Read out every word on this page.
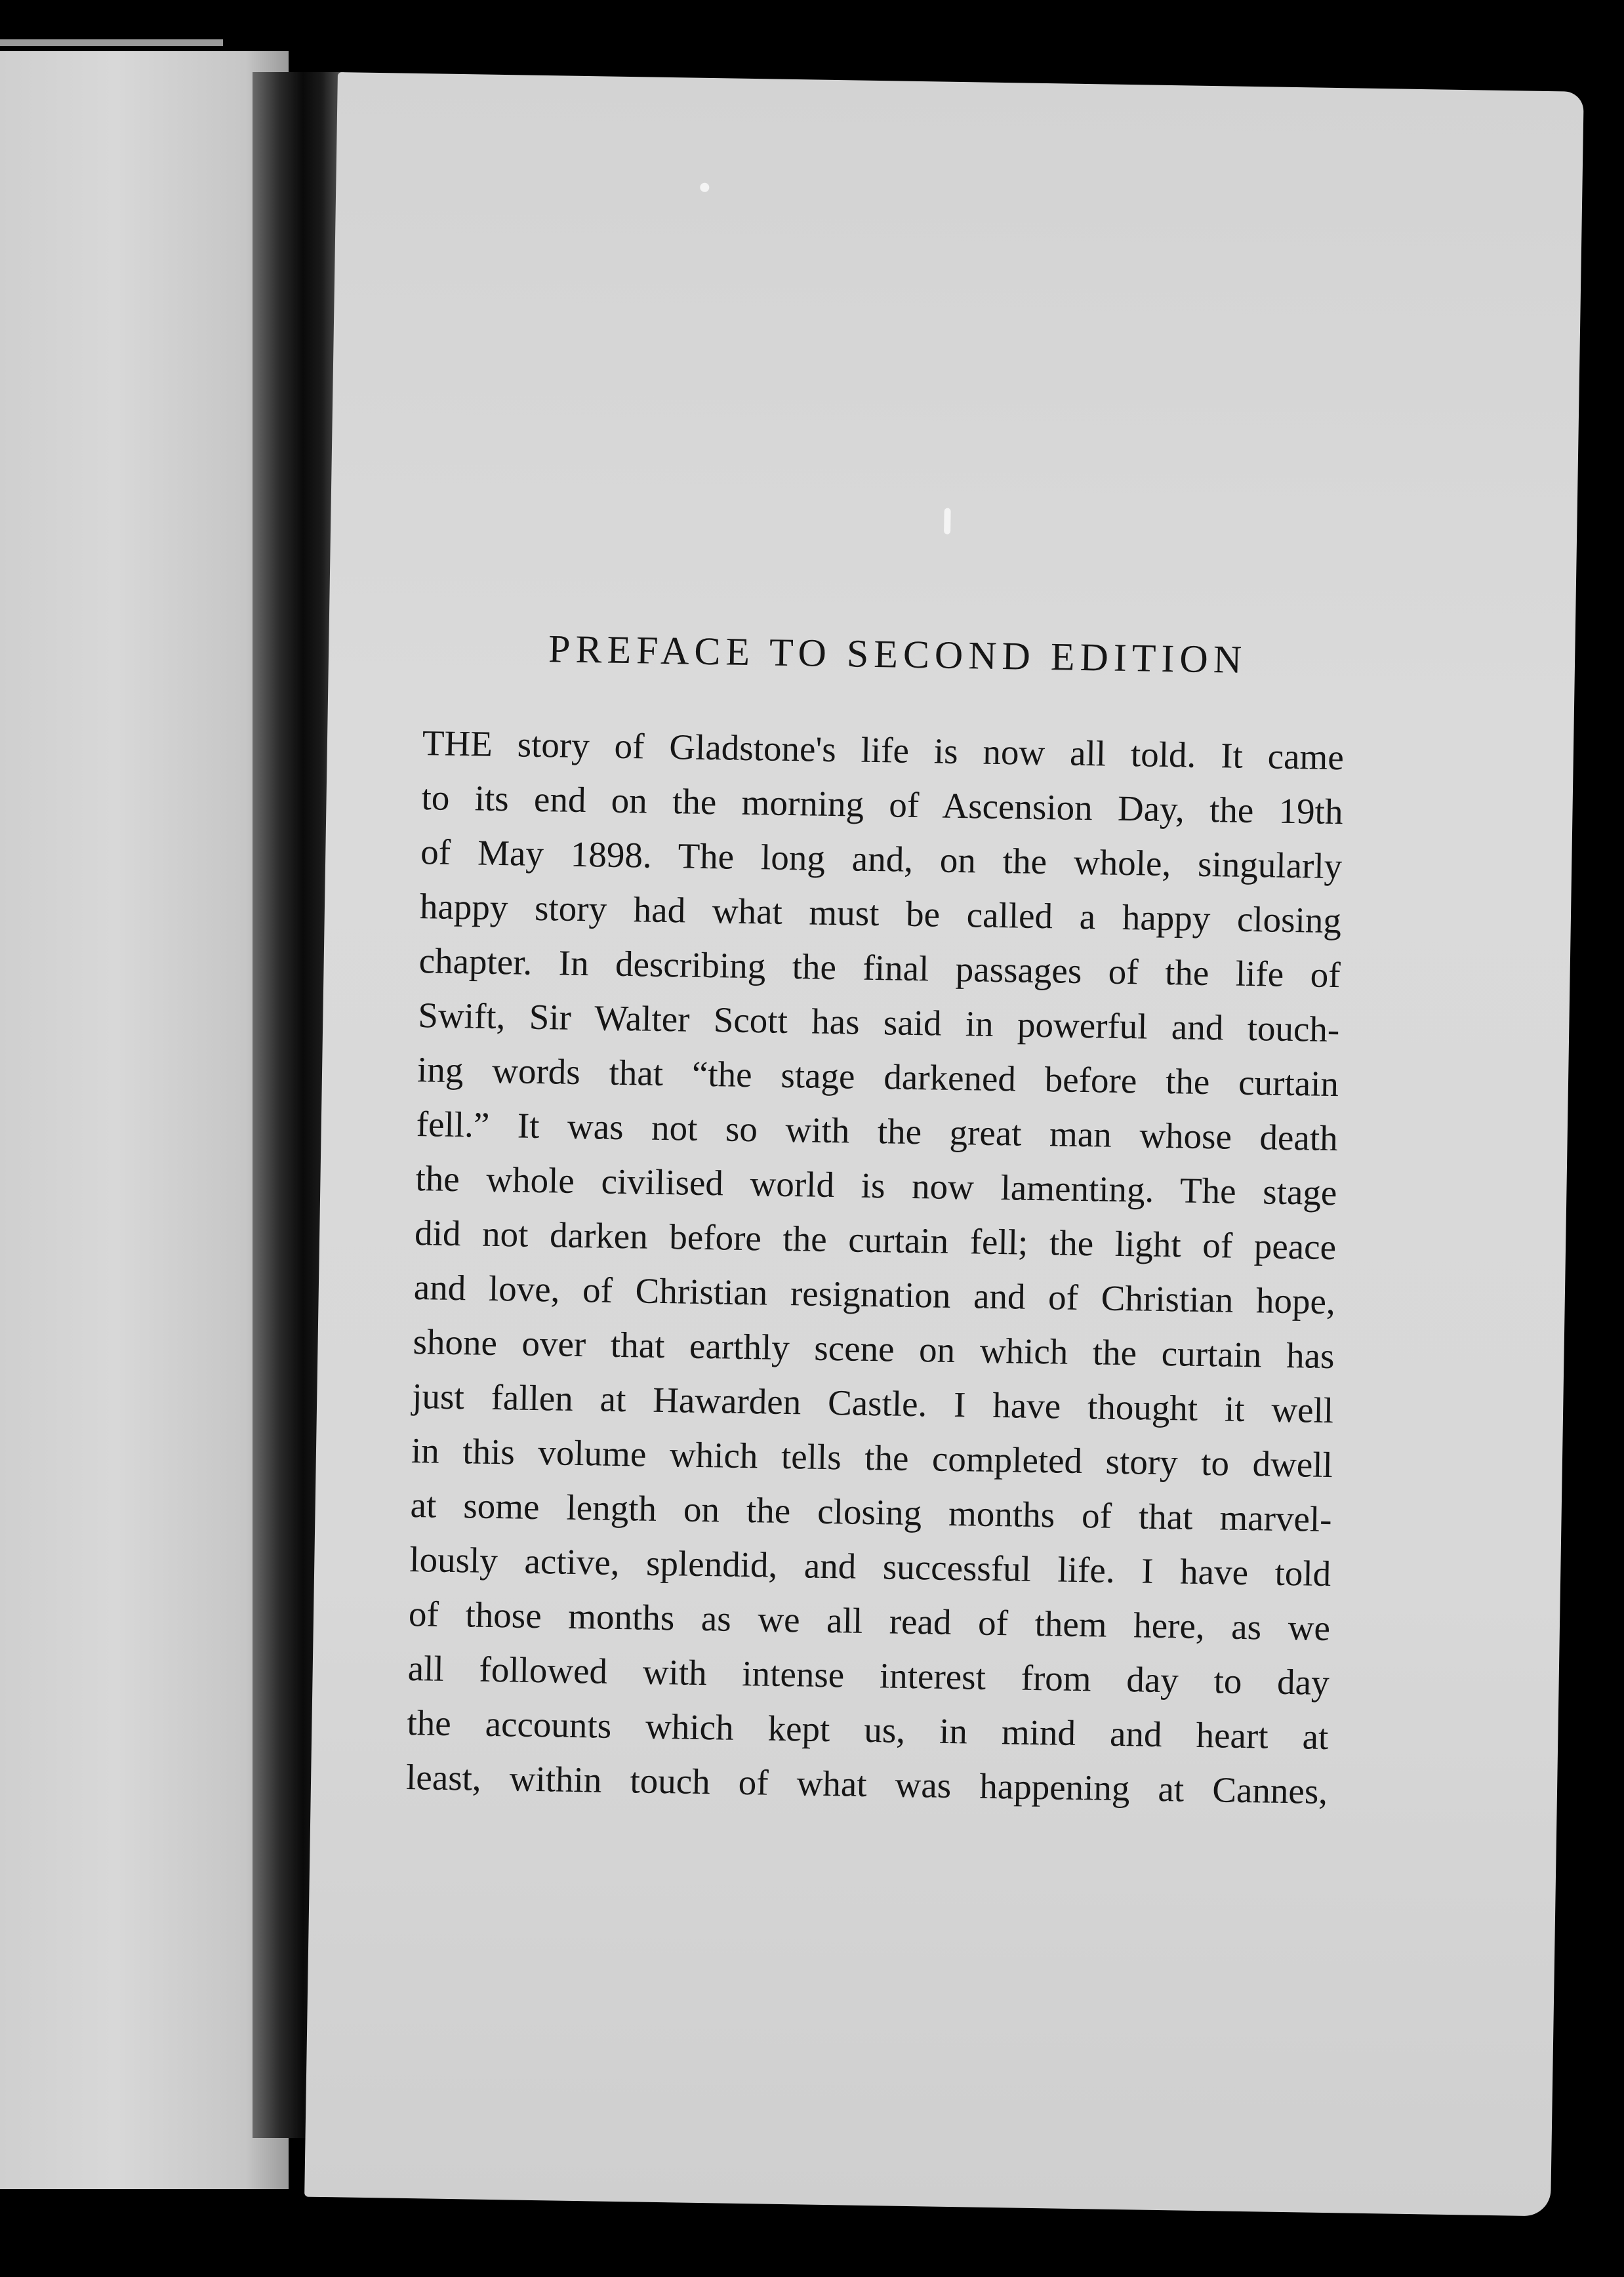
PREFACE TO SECOND EDITION
THE story of Gladstone's life is now all told. It came
to its end on the morning of Ascension Day, the 19th
of May 1898. The long and, on the whole, singularly
happy story had what must be called a happy closing
chapter. In describing the final passages of the life of
Swift, Sir Walter Scott has said in powerful and touch-
ing words that “the stage darkened before the curtain
fell.” It was not so with the great man whose death
the whole civilised world is now lamenting. The stage
did not darken before the curtain fell; the light of peace
and love, of Christian resignation and of Christian hope,
shone over that earthly scene on which the curtain has
just fallen at Hawarden Castle. I have thought it well
in this volume which tells the completed story to dwell
at some length on the closing months of that marvel-
lously active, splendid, and successful life. I have told
of those months as we all read of them here, as we
all followed with intense interest from day to day
the accounts which kept us, in mind and heart at
least, within touch of what was happening at Cannes,
